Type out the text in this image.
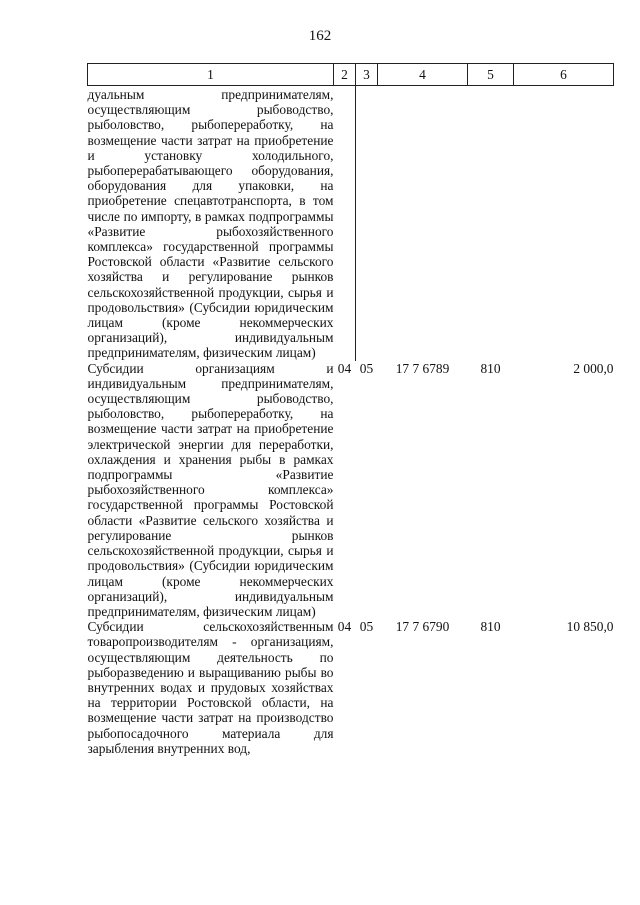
162
1	2	3	4	5	6
дуальным предпринимателям, осуществляющим рыбоводство, рыболовство, рыбопереработку, на возмещение части затрат на приобретение и установку холодильного, рыбоперерабатывающего оборудования, оборудования для упаковки, на приобретение спецавтотранспорта, в том числе по импорту, в рамках подпрограммы «Развитие рыбохозяйственного комплекса» государственной программы Ростовской области «Развитие сельского хозяйства и регулирование рынков сельскохозяйственной продукции, сырья и продовольствия» (Субсидии юридическим лицам (кроме некоммерческих организаций), индивидуальным предпринимателям, физическим лицам)					
Субсидии организациям и индивидуальным предпринимателям, осуществляющим рыбоводство, рыболовство, рыбопереработку, на возмещение части затрат на приобретение электрической энергии для переработки, охлаждения и хранения рыбы в рамках подпрограммы «Развитие рыбохозяйственного комплекса» государственной программы Ростовской области «Развитие сельского хозяйства и регулирование рынков сельскохозяйственной продукции, сырья и продовольствия» (Субсидии юридическим лицам (кроме некоммерческих организаций), индивидуальным предпринимателям, физическим лицам)	04	05	17 7 6789	810	2 000,0
Субсидии сельскохозяйственным товаропроизводителям - организациям, осуществляющим деятельность по рыборазведению и выращиванию рыбы во внутренних водах и прудовых хозяйствах на территории Ростовской области, на возмещение части затрат на производство рыбопосадочного материала для зарыбления внутренних вод,	04	05	17 7 6790	810	10 850,0
